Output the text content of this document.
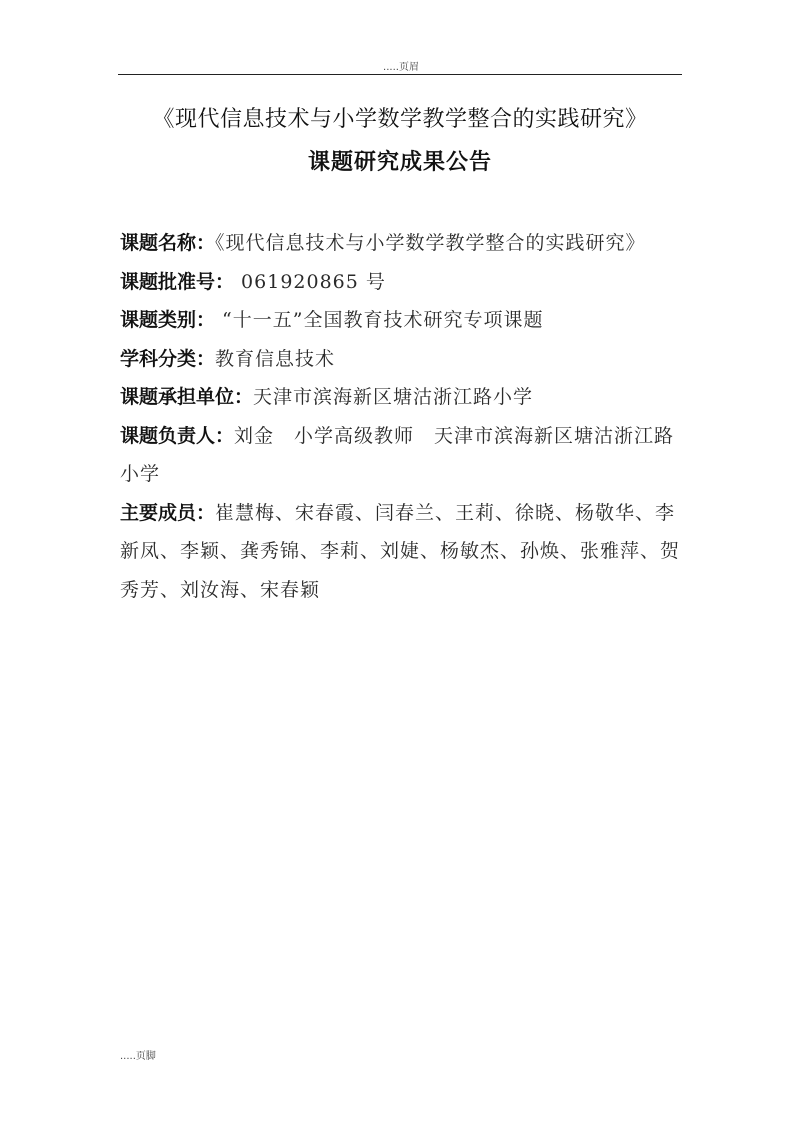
.....页眉
《现代信息技术与小学数学教学整合的实践研究》
课题研究成果公告

课题名称：《现代信息技术与小学数学教学整合的实践研究》

课题批准号： 061920865 号

课题类别： “十一五”全国教育技术研究专项课题

学科分类：教育信息技术

课题承担单位：天津市滨海新区塘沽浙江路小学

课题负责人：刘金　小学高级教师　天津市滨海新区塘沽浙江路小学

主要成员：崔慧梅、宋春霞、闫春兰、王莉、徐晓、杨敬华、李新凤、李颖、龚秀锦、李莉、刘婕、杨敏杰、孙焕、张雅萍、贺秀芳、刘汝海、宋春颖

.....页脚
